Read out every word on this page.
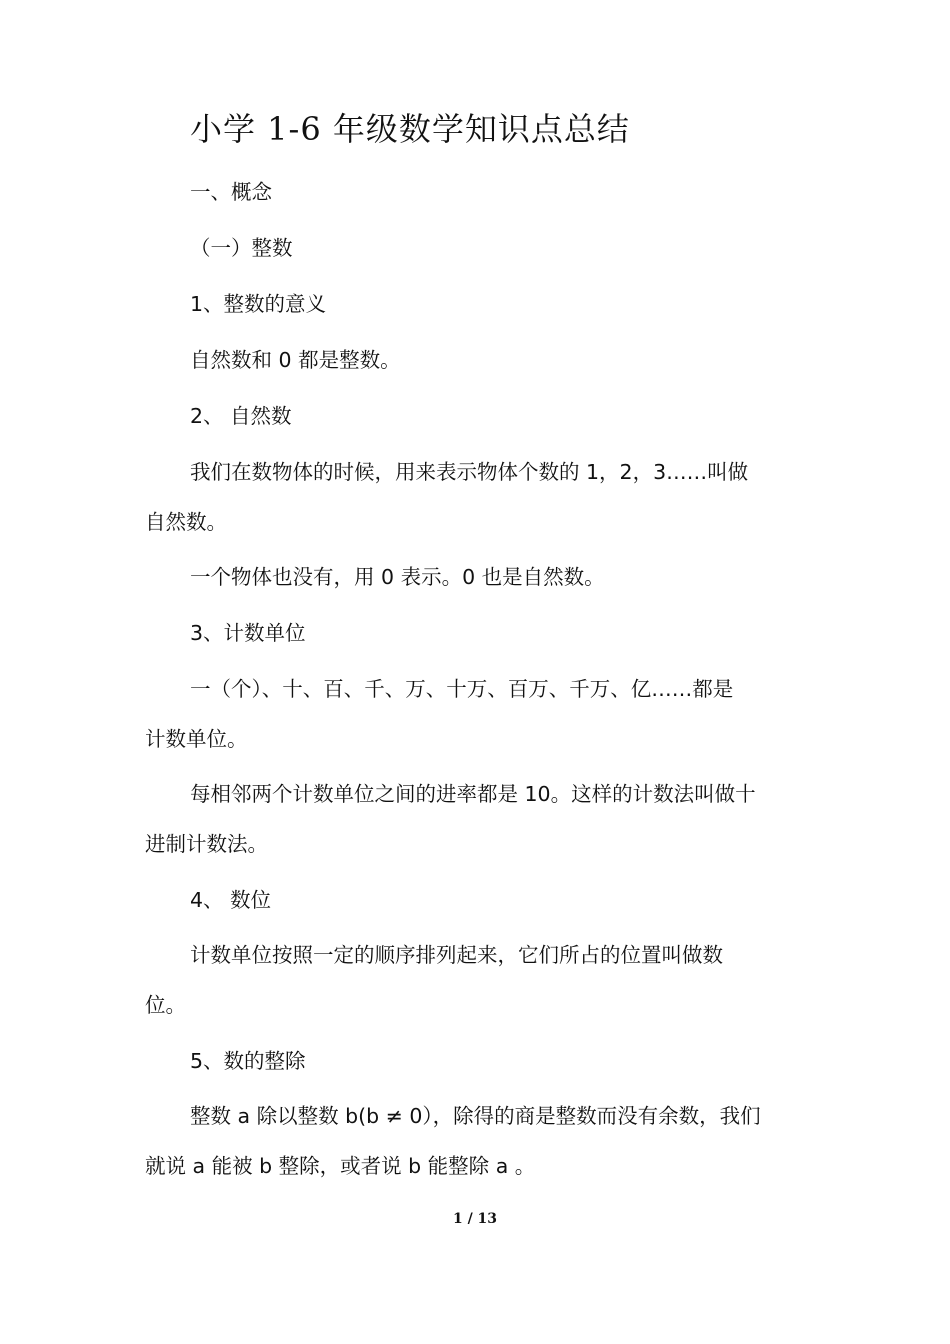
小学 1-6 年级数学知识点总结
一、概念
（一）整数
1、整数的意义
自然数和 0 都是整数。
2、 自然数
我们在数物体的时候，用来表示物体个数的 1，2，3……叫做
自然数。
一个物体也没有，用 0 表示。0 也是自然数。
3、计数单位
一（个）、十、百、千、万、十万、百万、千万、亿……都是
计数单位。
每相邻两个计数单位之间的进率都是 10。这样的计数法叫做十
进制计数法。
4、 数位
计数单位按照一定的顺序排列起来，它们所占的位置叫做数
位。
5、数的整除
整数 a 除以整数 b(b ≠ 0），除得的商是整数而没有余数，我们
就说 a 能被 b 整除，或者说 b 能整除 a 。
1 / 13
